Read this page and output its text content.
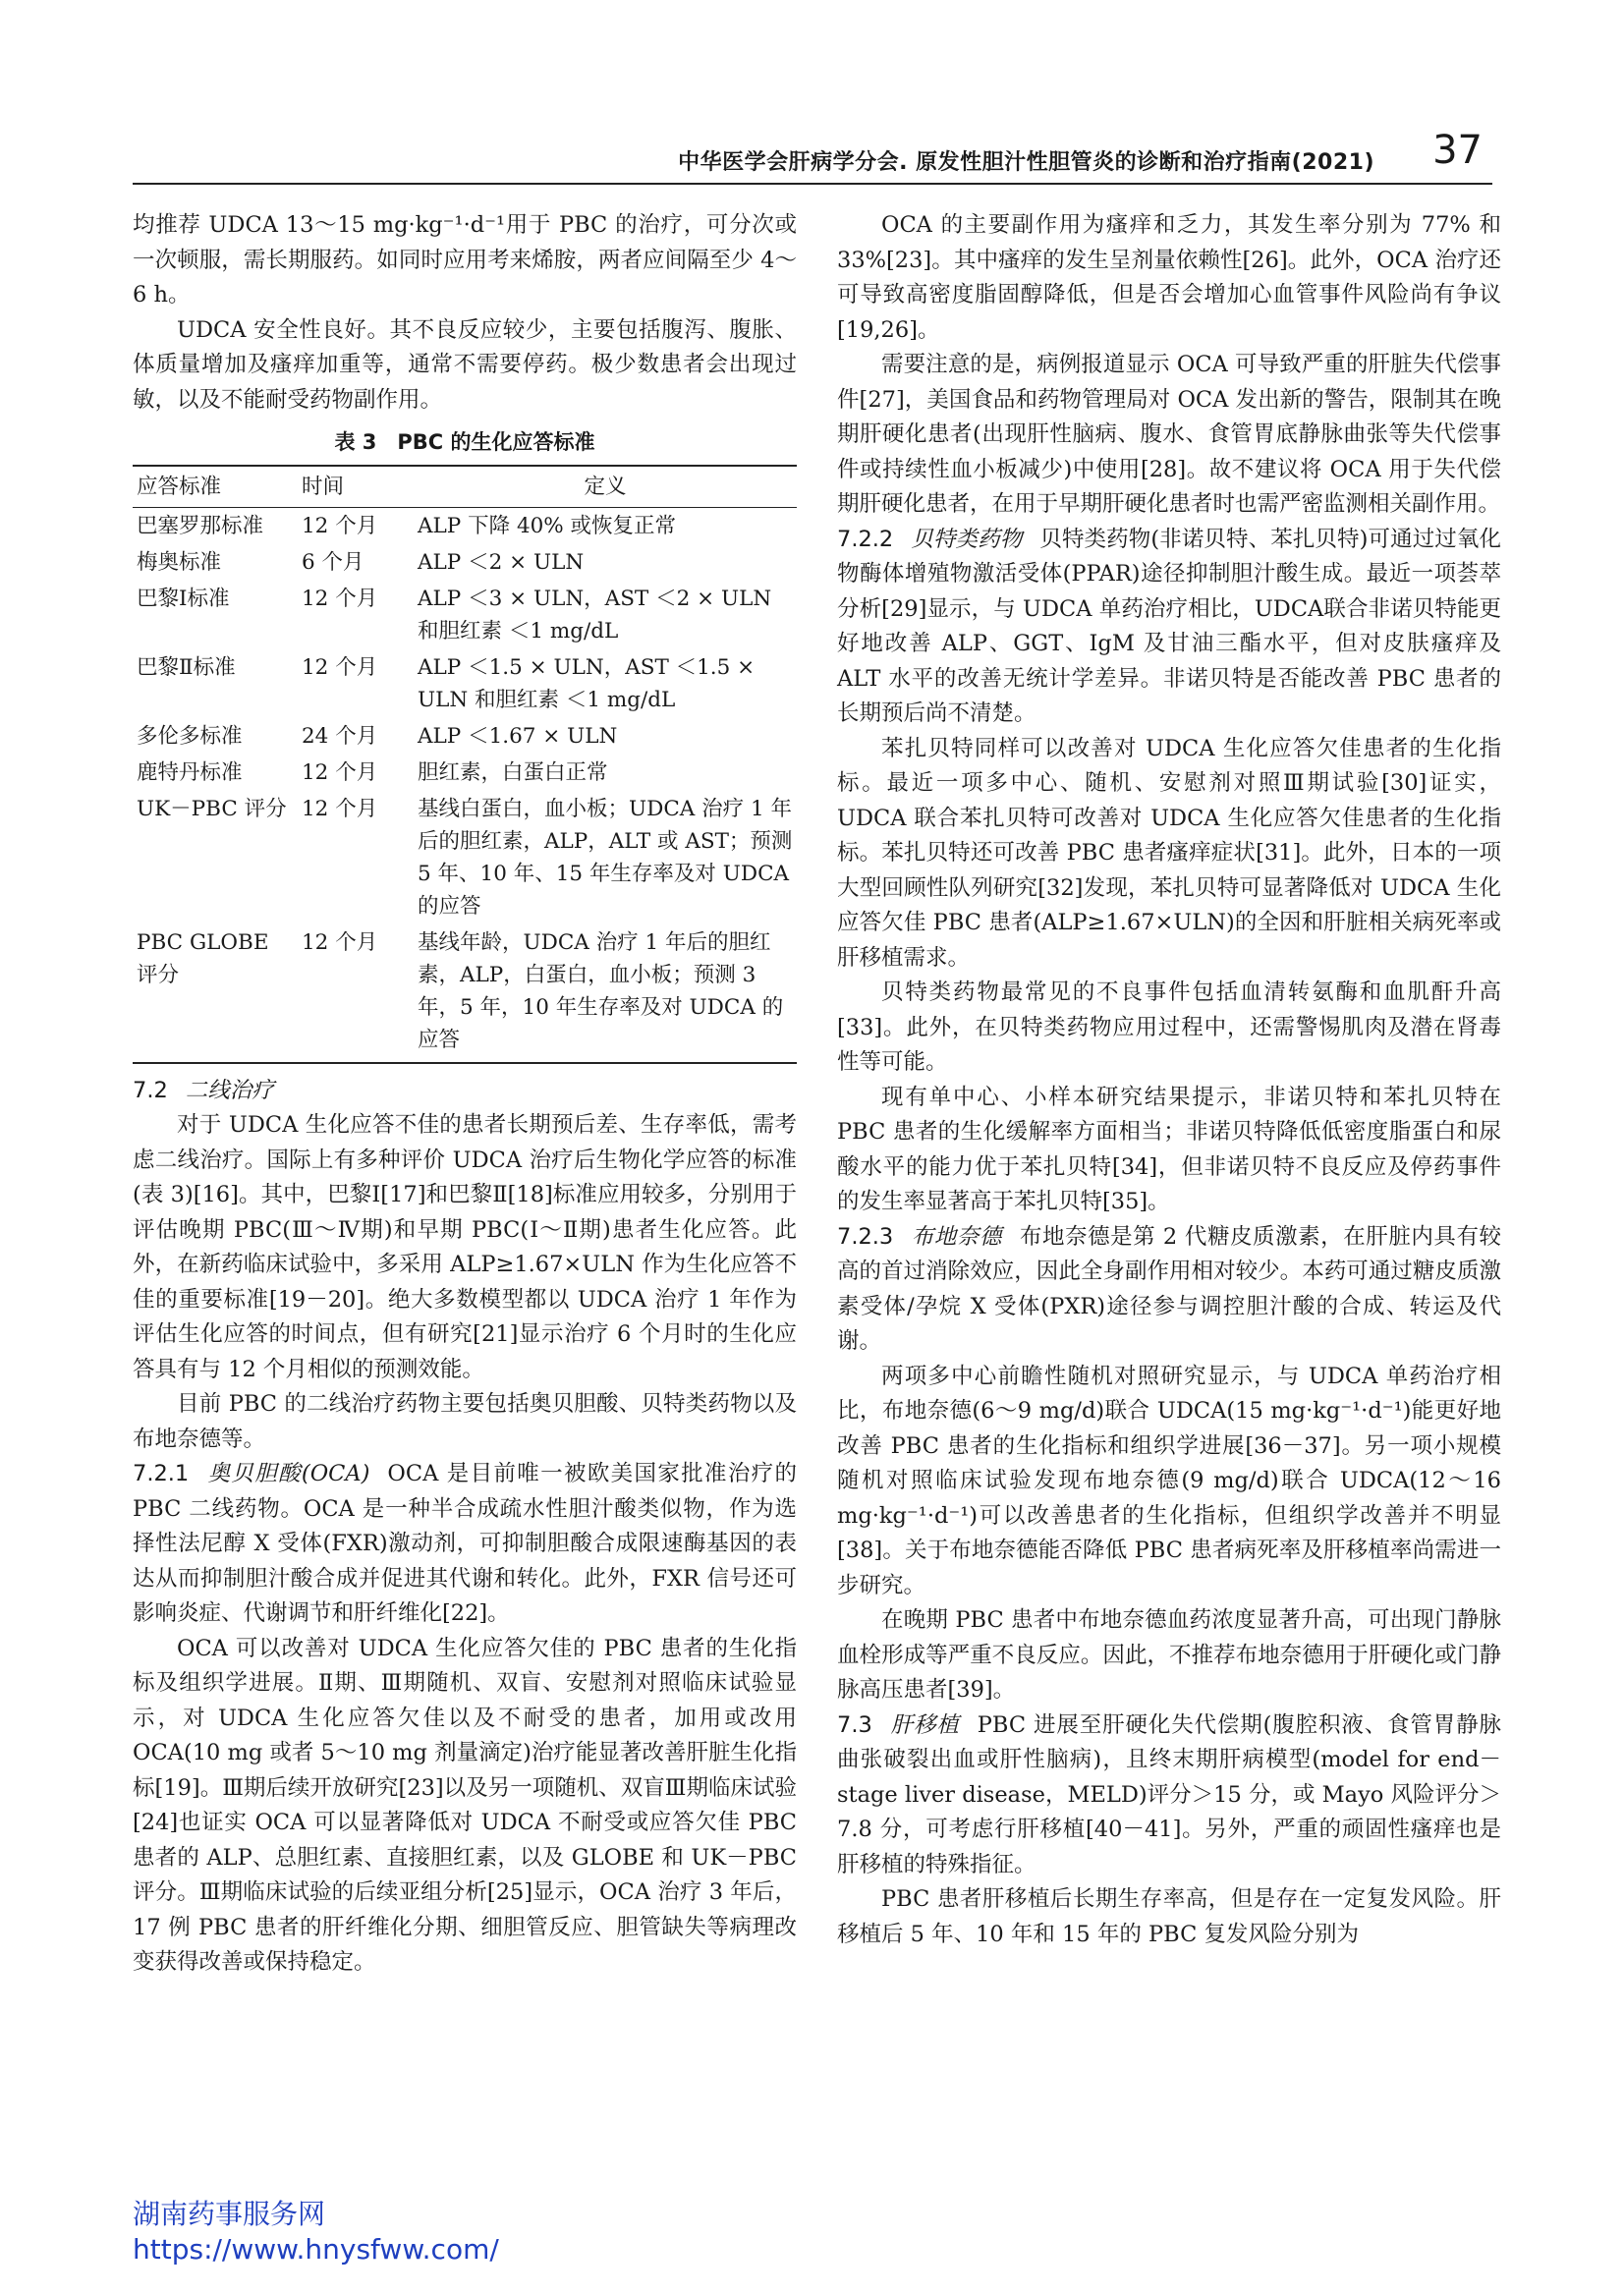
中华医学会肝病学分会. 原发性胆汁性胆管炎的诊断和治疗指南(2021) 37

均推荐 UDCA 13～15 mg·kg⁻¹·d⁻¹用于 PBC 的治疗，可分次或一次顿服，需长期服药。如同时应用考来烯胺，两者应间隔至少 4～6 h。

UDCA 安全性良好。其不良反应较少，主要包括腹泻、腹胀、体质量增加及瘙痒加重等，通常不需要停药。极少数患者会出现过敏，以及不能耐受药物副作用。

表 3　PBC 的生化应答标准
应答标准	时间	定义
巴塞罗那标准	12 个月	ALP 下降 40% 或恢复正常
梅奥标准	6 个月	ALP ＜2 × ULN
巴黎Ⅰ标准	12 个月	ALP ＜3 × ULN，AST ＜2 × ULN 和胆红素 ＜1 mg/dL
巴黎Ⅱ标准	12 个月	ALP ＜1.5 × ULN，AST ＜1.5 × ULN 和胆红素 ＜1 mg/dL
多伦多标准	24 个月	ALP ＜1.67 × ULN
鹿特丹标准	12 个月	胆红素，白蛋白正常
UK－PBC 评分	12 个月	基线白蛋白，血小板；UDCA 治疗 1 年后的胆红素，ALP，ALT 或 AST；预测 5 年、10 年、15 年生存率及对 UDCA 的应答
PBC GLOBE 评分	12 个月	基线年龄，UDCA 治疗 1 年后的胆红素，ALP，白蛋白，血小板；预测 3 年，5 年，10 年生存率及对 UDCA 的应答

7.2 二线治疗

对于 UDCA 生化应答不佳的患者长期预后差、生存率低，需考虑二线治疗。国际上有多种评价 UDCA 治疗后生物化学应答的标准(表 3)[16]。其中，巴黎Ⅰ[17]和巴黎Ⅱ[18]标准应用较多，分别用于评估晚期 PBC(Ⅲ～Ⅳ期)和早期 PBC(Ⅰ～Ⅱ期)患者生化应答。此外，在新药临床试验中，多采用 ALP≥1.67×ULN 作为生化应答不佳的重要标准[19－20]。绝大多数模型都以 UDCA 治疗 1 年作为评估生化应答的时间点，但有研究[21]显示治疗 6 个月时的生化应答具有与 12 个月相似的预测效能。

目前 PBC 的二线治疗药物主要包括奥贝胆酸、贝特类药物以及布地奈德等。

7.2.1 奥贝胆酸(OCA) OCA 是目前唯一被欧美国家批准治疗的 PBC 二线药物。OCA 是一种半合成疏水性胆汁酸类似物，作为选择性法尼醇 X 受体(FXR)激动剂，可抑制胆酸合成限速酶基因的表达从而抑制胆汁酸合成并促进其代谢和转化。此外，FXR 信号还可影响炎症、代谢调节和肝纤维化[22]。

OCA 可以改善对 UDCA 生化应答欠佳的 PBC 患者的生化指标及组织学进展。Ⅱ期、Ⅲ期随机、双盲、安慰剂对照临床试验显示，对 UDCA 生化应答欠佳以及不耐受的患者，加用或改用 OCA(10 mg 或者 5～10 mg 剂量滴定)治疗能显著改善肝脏生化指标[19]。Ⅲ期后续开放研究[23]以及另一项随机、双盲Ⅲ期临床试验[24]也证实 OCA 可以显著降低对 UDCA 不耐受或应答欠佳 PBC 患者的 ALP、总胆红素、直接胆红素，以及 GLOBE 和 UK－PBC 评分。Ⅲ期临床试验的后续亚组分析[25]显示，OCA 治疗 3 年后，17 例 PBC 患者的肝纤维化分期、细胆管反应、胆管缺失等病理改变获得改善或保持稳定。

OCA 的主要副作用为瘙痒和乏力，其发生率分别为 77% 和 33%[23]。其中瘙痒的发生呈剂量依赖性[26]。此外，OCA 治疗还可导致高密度脂固醇降低，但是否会增加心血管事件风险尚有争议[19,26]。

需要注意的是，病例报道显示 OCA 可导致严重的肝脏失代偿事件[27]，美国食品和药物管理局对 OCA 发出新的警告，限制其在晚期肝硬化患者(出现肝性脑病、腹水、食管胃底静脉曲张等失代偿事件或持续性血小板减少)中使用[28]。故不建议将 OCA 用于失代偿期肝硬化患者，在用于早期肝硬化患者时也需严密监测相关副作用。

7.2.2 贝特类药物 贝特类药物(非诺贝特、苯扎贝特)可通过过氧化物酶体增殖物激活受体(PPAR)途径抑制胆汁酸生成。最近一项荟萃分析[29]显示，与 UDCA 单药治疗相比，UDCA联合非诺贝特能更好地改善 ALP、GGT、IgM 及甘油三酯水平，但对皮肤瘙痒及 ALT 水平的改善无统计学差异。非诺贝特是否能改善 PBC 患者的长期预后尚不清楚。

苯扎贝特同样可以改善对 UDCA 生化应答欠佳患者的生化指标。最近一项多中心、随机、安慰剂对照Ⅲ期试验[30]证实，UDCA 联合苯扎贝特可改善对 UDCA 生化应答欠佳患者的生化指标。苯扎贝特还可改善 PBC 患者瘙痒症状[31]。此外，日本的一项大型回顾性队列研究[32]发现，苯扎贝特可显著降低对 UDCA 生化应答欠佳 PBC 患者(ALP≥1.67×ULN)的全因和肝脏相关病死率或肝移植需求。

贝特类药物最常见的不良事件包括血清转氨酶和血肌酐升高[33]。此外，在贝特类药物应用过程中，还需警惕肌肉及潜在肾毒性等可能。

现有单中心、小样本研究结果提示，非诺贝特和苯扎贝特在 PBC 患者的生化缓解率方面相当；非诺贝特降低低密度脂蛋白和尿酸水平的能力优于苯扎贝特[34]，但非诺贝特不良反应及停药事件的发生率显著高于苯扎贝特[35]。

7.2.3 布地奈德 布地奈德是第 2 代糖皮质激素，在肝脏内具有较高的首过消除效应，因此全身副作用相对较少。本药可通过糖皮质激素受体/孕烷 X 受体(PXR)途径参与调控胆汁酸的合成、转运及代谢。

两项多中心前瞻性随机对照研究显示，与 UDCA 单药治疗相比，布地奈德(6～9 mg/d)联合 UDCA(15 mg·kg⁻¹·d⁻¹)能更好地改善 PBC 患者的生化指标和组织学进展[36－37]。另一项小规模随机对照临床试验发现布地奈德(9 mg/d)联合 UDCA(12～16 mg·kg⁻¹·d⁻¹)可以改善患者的生化指标，但组织学改善并不明显[38]。关于布地奈德能否降低 PBC 患者病死率及肝移植率尚需进一步研究。

在晚期 PBC 患者中布地奈德血药浓度显著升高，可出现门静脉血栓形成等严重不良反应。因此，不推荐布地奈德用于肝硬化或门静脉高压患者[39]。

7.3 肝移植 PBC 进展至肝硬化失代偿期(腹腔积液、食管胃静脉曲张破裂出血或肝性脑病)，且终末期肝病模型(model for end－stage liver disease，MELD)评分＞15 分，或 Mayo 风险评分＞7.8 分，可考虑行肝移植[40－41]。另外，严重的顽固性瘙痒也是肝移植的特殊指征。

PBC 患者肝移植后长期生存率高，但是存在一定复发风险。肝移植后 5 年、10 年和 15 年的 PBC 复发风险分别为

湖南药事服务网
https://www.hnysfww.com/
